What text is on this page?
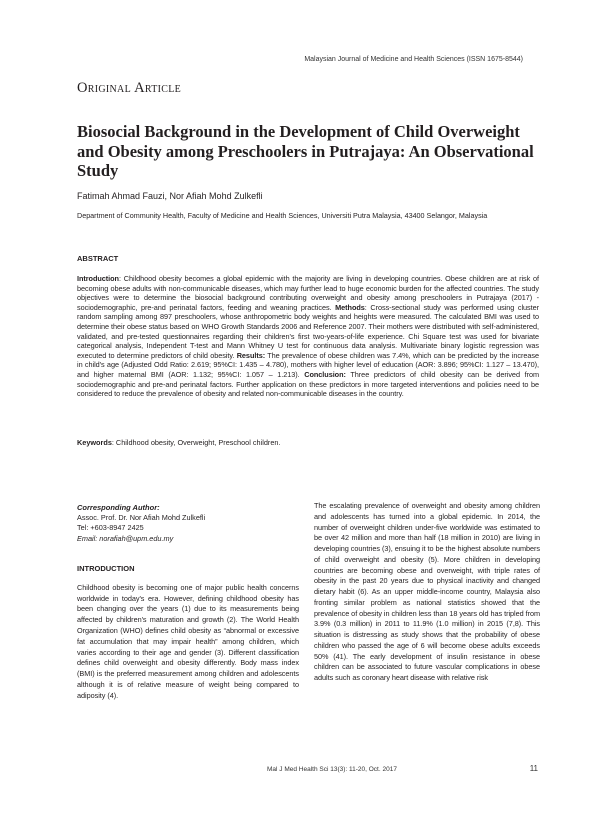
Malaysian Journal of Medicine and Health Sciences (ISSN 1675-8544)
Original Article
Biosocial Background in the Development of Child Overweight and Obesity among Preschoolers in Putrajaya: An Observational Study
Fatimah Ahmad Fauzi, Nor Afiah Mohd Zulkefli
Department of Community Health, Faculty of Medicine and Health Sciences, Universiti Putra Malaysia, 43400 Selangor, Malaysia
ABSTRACT
Introduction: Childhood obesity becomes a global epidemic with the majority are living in developing countries. Obese children are at risk of becoming obese adults with non-communicable diseases, which may further lead to huge economic burden for the affected countries. The study objectives were to determine the biosocial background contributing overweight and obesity among preschoolers in Putrajaya (2017) - sociodemographic, pre-and perinatal factors, feeding and weaning practices. Methods: Cross-sectional study was performed using cluster random sampling among 897 preschoolers, whose anthropometric body weights and heights were measured. The calculated BMI was used to determine their obese status based on WHO Growth Standards 2006 and Reference 2007. Their mothers were distributed with self-administered, validated, and pre-tested questionnaires regarding their children's first two-years-of-life experience. Chi Square test was used for bivariate categorical analysis, Independent T-test and Mann Whitney U test for continuous data analysis. Multivariate binary logistic regression was executed to determine predictors of child obesity. Results: The prevalence of obese children was 7.4%, which can be predicted by the increase in child's age (Adjusted Odd Ratio: 2.619; 95%CI: 1.435 – 4.780), mothers with higher level of education (AOR: 3.896; 95%CI: 1.127 – 13.470), and higher maternal BMI (AOR: 1.132; 95%CI: 1.057 – 1.213). Conclusion: Three predictors of child obesity can be derived from sociodemographic and pre-and perinatal factors. Further application on these predictors in more targeted interventions and policies need to be considered to reduce the prevalence of obesity and related non-communicable diseases in the country.
Keywords: Childhood obesity, Overweight, Preschool children.
Corresponding Author:
Assoc. Prof. Dr. Nor Afiah Mohd Zulkefli
Tel: +603-8947 2425
Email: norafiah@upm.edu.my
INTRODUCTION
Childhood obesity is becoming one of major public health concerns worldwide in today's era. However, defining childhood obesity has been changing over the years (1) due to its measurements being affected by children's maturation and growth (2). The World Health Organization (WHO) defines child obesity as “abnormal or excessive fat accumulation that may impair health” among children, which varies according to their age and gender (3). Different classification defines child overweight and obesity differently. Body mass index (BMI) is the preferred measurement among children and adolescents although it is of relative measure of weight being compared to adiposity (4).
The escalating prevalence of overweight and obesity among children and adolescents has turned into a global epidemic. In 2014, the number of overweight children under-five worldwide was estimated to be over 42 million and more than half (18 million in 2010) are living in developing countries (3), ensuing it to be the highest absolute numbers of child overweight and obesity (5). More children in developing countries are becoming obese and overweight, with triple rates of obesity in the past 20 years due to physical inactivity and changed dietary habit (6). As an upper middle-income country, Malaysia also fronting similar problem as national statistics showed that the prevalence of obesity in children less than 18 years old has tripled from 3.9% (0.3 million) in 2011 to 11.9% (1.0 million) in 2015 (7,8). This situation is distressing as study shows that the probability of obese children who passed the age of 6 will become obese adults exceeds 50% (41). The early development of insulin resistance in obese children can be associated to future vascular complications in obese adults such as coronary heart disease with relative risk
Mal J Med Health Sci 13(3): 11-20, Oct. 2017	11
